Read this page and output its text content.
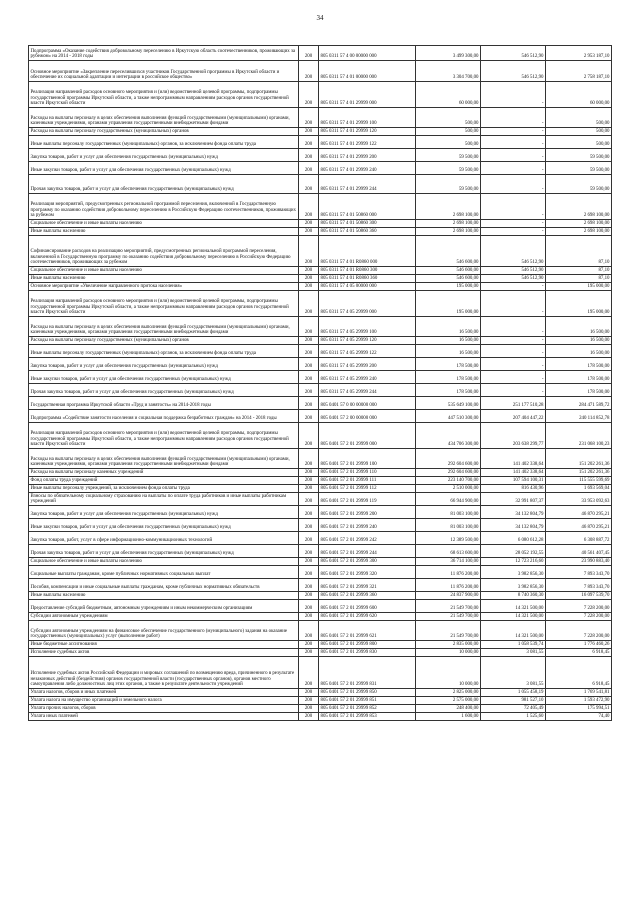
34
Подпрограмма «Оказание содействия добровольному переселению в Иркутскую область соотечественников, проживающих за рубежом» на 2014 - 2018 годы	200	805 0311 57 4 00 00000 000	3 499 300,00	546 512,90	2 953 187,10
Основное мероприятие «Закрепление переселившихся участников Государственной программы в Иркутской области и обеспечение их социальной адаптации и интеграции в российское общество»	200	805 0311 57 4 01 00000 000	3 304 700,00	546 512,90	2 758 187,10
Реализация направлений расходов основного мероприятия и (или) ведомственной целевой программы, подпрограммы государственной программы Иркутской области, а также непрограммным направлениям расходов органов государственной власти Иркутской области	200	805 0311 57 4 01 29999 000	60 000,00	-	60 000,00
Расходы на выплаты персоналу в целях обеспечения выполнения функций государственными (муниципальными) органами, казенными учреждениями, органами управления государственными внебюджетными фондами	200	805 0311 57 4 01 29999 100	500,00	-	500,00
Расходы на выплаты персоналу государственных (муниципальных) органов	200	805 0311 57 4 01 29999 120	500,00	-	500,00
Иные выплаты персоналу государственных (муниципальных) органов, за исключением фонда оплаты труда	200	805 0311 57 4 01 29999 122	500,00	-	500,00
Закупка товаров, работ и услуг для обеспечения государственных (муниципальных) нужд	200	805 0311 57 4 01 29999 200	59 500,00	-	59 500,00
Иные закупки товаров, работ и услуг для обеспечения государственных (муниципальных) нужд	200	805 0311 57 4 01 29999 240	59 500,00	-	59 500,00
Прочая закупка товаров, работ и услуг для обеспечения государственных (муниципальных) нужд	200	805 0311 57 4 01 29999 244	59 500,00	-	59 500,00
Реализация мероприятий, предусмотренных региональной программой переселения, включенной в Государственную программу по оказанию содействия добровольному переселению в Российскую Федерацию соотечественников, проживающих за рубежом	200	805 0311 57 4 01 50860 000	2 698 100,00	-	2 698 100,00
Социальное обеспечение и иные выплаты населению	200	805 0311 57 4 01 50860 300	2 698 100,00	-	2 698 100,00
Иные выплаты населению	200	805 0311 57 4 01 50860 360	2 698 100,00	-	2 698 100,00
Софинансирование расходов на реализацию мероприятий, предусмотренных региональной программой переселения, включенной в Государственную программу по оказанию содействия добровольному переселению в Российскую Федерацию соотечественников, проживающих за рубежом	200	805 0311 57 4 01 R0860 000	546 600,00	546 512,90	87,10
Социальное обеспечение и иные выплаты населению	200	805 0311 57 4 01 R0860 300	546 600,00	546 512,90	87,10
Иные выплаты населению	200	805 0311 57 4 01 R0860 360	546 600,00	546 512,90	87,10
Основное мероприятие «Увеличение направленного притока населения»	200	805 0311 57 4 05 00000 000	195 000,00	-	195 000,00
Реализация направлений расходов основного мероприятия и (или) ведомственной целевой программы, подпрограммы государственной программы Иркутской области, а также непрограммным направлениям расходов органов государственной власти Иркутской области	200	805 0311 57 4 05 29999 000	195 000,00	-	195 000,00
Расходы на выплаты персоналу в целях обеспечения выполнения функций государственными (муниципальными) органами, казенными учреждениями, органами управления государственными внебюджетными фондами	200	805 0311 57 4 05 29999 100	16 500,00	-	16 500,00
Расходы на выплаты персоналу государственных (муниципальных) органов	200	805 0311 57 4 05 29999 120	16 500,00	-	16 500,00
Иные выплаты персоналу государственных (муниципальных) органов, за исключением фонда оплаты труда	200	805 0311 57 4 05 29999 122	16 500,00	-	16 500,00
Закупка товаров, работ и услуг для обеспечения государственных (муниципальных) нужд	200	805 0311 57 4 05 29999 200	178 500,00	-	178 500,00
Иные закупки товаров, работ и услуг для обеспечения государственных (муниципальных) нужд	200	805 0311 57 4 05 29999 240	178 500,00	-	178 500,00
Прочая закупка товаров, работ и услуг для обеспечения государственных (муниципальных) нужд	200	805 0311 57 4 05 29999 244	178 500,00	-	178 500,00
Государственная программа Иркутской области «Труд и занятость» на 2014-2018 годы	200	805 0401 57 0 00 00000 000	535 649 100,00	251 177 510,28	284 471 589,72
Подпрограмма «Содействие занятости населения и социальная поддержка безработных граждан» на 2014 - 2018 годы	200	805 0401 57 2 00 00000 000	447 510 300,00	207 404 447,22	240 114 852,78
Реализация направлений расходов основного мероприятия и (или) ведомственной целевой программы, подпрограммы государственной программы Иркутской области, а также непрограммным направлениям расходов органов государственной власти Иркутской области	200	805 0401 57 2 01 29999 000	434 706 300,00	203 638 299,77	231 068 100,23
Расходы на выплаты персоналу в целях обеспечения выполнения функций государственными (муниципальными) органами, казенными учреждениями, органами управления государственными внебюджетными фондами	200	805 0401 57 2 01 29999 100	292 604 600,00	141 402 338,64	151 202 261,36
Расходы на выплаты персоналу казенных учреждений	200	805 0401 57 2 01 29999 110	292 604 600,00	141 402 338,64	151 202 261,36
Фонд оплаты труда учреждений	200	805 0401 57 2 01 29999 111	223 140 700,00	107 594 100,31	115 555 599,69
Иные выплаты персоналу учреждений, за исключением фонда оплаты труда	200	805 0401 57 2 01 29999 112	2 510 000,00	816 430,96	1 693 569,04
Взносы по обязательному социальному страхованию на выплаты по оплате труда работников и иные выплаты работникам учреждений	200	805 0401 57 2 01 29999 119	66 944 900,00	32 991 807,37	33 953 092,63
Закупка товаров, работ и услуг для обеспечения государственных (муниципальных) нужд	200	805 0401 57 2 01 29999 200	81 003 100,00	34 132 804,79	46 870 295,21
Иные закупки товаров, работ и услуг для обеспечения государственных (муниципальных) нужд	200	805 0401 57 2 01 29999 240	81 003 100,00	34 132 804,79	46 870 295,21
Закупка товаров, работ, услуг в сфере информационно-коммуникационных технологий	200	805 0401 57 2 01 29999 242	12 389 500,00	6 080 612,28	6 308 887,72
Прочая закупка товаров, работ и услуг для обеспечения государственных (муниципальных) нужд	200	805 0401 57 2 01 29999 244	68 613 600,00	28 052 192,55	40 561 407,45
Социальное обеспечение и иные выплаты населению	200	805 0401 57 2 01 29999 300	36 714 100,00	12 723 216,60	23 990 883,40
Социальные выплаты гражданам, кроме публичных нормативных социальных выплат	200	805 0401 57 2 01 29999 320	11 876 200,00	3 982 856,30	7 893 343,70
Пособия, компенсации и иные социальные выплаты гражданам, кроме публичных нормативных обязательств	200	805 0401 57 2 01 29999 321	11 876 200,00	3 982 856,30	7 893 343,70
Иные выплаты населению	200	805 0401 57 2 01 29999 360	24 837 900,00	8 740 360,30	16 097 539,70
Предоставление субсидий бюджетным, автономным учреждениям и иным некоммерческим организациям	200	805 0401 57 2 01 29999 600	21 549 700,00	14 321 500,00	7 228 200,00
Субсидии автономным учреждениям	200	805 0401 57 2 01 29999 620	21 549 700,00	14 321 500,00	7 228 200,00
Субсидии автономным учреждениям на финансовое обеспечение государственного (муниципального) задания на оказание государственных (муниципальных) услуг (выполнение работ)	200	805 0401 57 2 01 29999 621	21 549 700,00	14 321 500,00	7 228 200,00
Иные бюджетные ассигнования	200	805 0401 57 2 01 29999 800	2 835 000,00	1 058 539,74	1 776 460,26
Исполнение судебных актов	200	805 0401 57 2 01 29999 830	10 000,00	3 081,55	6 918,45
Исполнение судебных актов Российской Федерации и мировых соглашений по возмещению вреда, причиненного в результате незаконных действий (бездействия) органов государственной власти (государственных органов), органов местного самоуправления либо должностных лиц этих органов, а также в результате деятельности учреждений	200	805 0401 57 2 01 29999 831	10 000,00	3 081,55	6 918,45
Уплата налогов, сборов и иных платежей	200	805 0401 57 2 01 29999 850	2 825 000,00	1 055 458,19	1 769 541,81
Уплата налога на имущество организаций и земельного налога	200	805 0401 57 2 01 29999 851	2 575 000,00	981 527,10	1 593 472,90
Уплата прочих налогов, сборов	200	805 0401 57 2 01 29999 852	248 400,00	72 405,49	175 994,51
Уплата иных платежей	200	805 0401 57 2 01 29999 853	1 600,00	1 525,60	74,40
